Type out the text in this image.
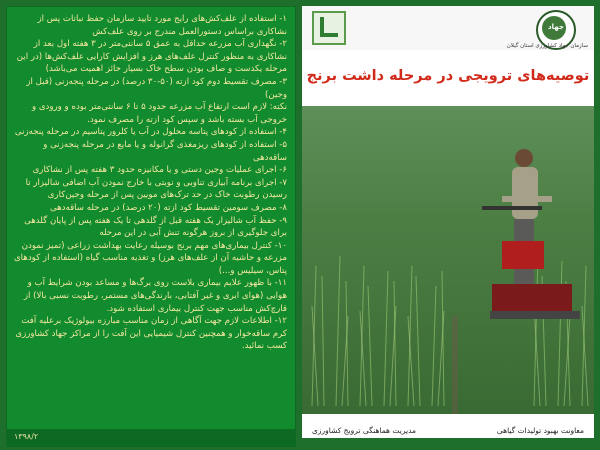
۱- استفاده از علف‌کش‌های رایج مورد تایید سازمان حفظ نباتات پس از نشاکاری براساس دستورالعمل مندرج بر روی علف‌کش

۲- نگهداری آب مزرعه حداقل به عمق ۵ سانتی‌متر در ۳ هفته اول بعد از نشاکاری به منظور کنترل علف‌های هرز و افزایش کارایی علف‌کش‌ها (در این مرحله یکدست و صاف بودن سطح خاک بسیار حائز اهمیت می‌باشد)

۳- مصرف تقسیط دوم کود ازته (۵۰-۳۰ درصد) در مرحله پنجه‌زنی (قبل از وجین)

نکته: لازم است ارتفاع آب مزرعه حدود ۵ تا ۶ سانتی‌متر بوده و ورودی و خروجی آب بسته باشد و سپس کود ازته را مصرف نمود.

۴- استفاده از کودهای پتاسه محلول در آب یا کلرور پتاسیم در مرحله پنجه‌زنی

۵- استفاده از کودهای ریزمغذی گرانوله و یا مایع در مرحله پنجه‌زنی و ساقه‌دهی

۶- اجرای عملیات وجین دستی و یا مکانیزه حدود ۳ هفته پس از نشاکاری

۷- اجرای برنامه آبیاری تناوبی و نوبتی با خارج نمودن آب اضافی شالیزار تا رسیدن رطوبت خاک در حد ترک‌های مویین پس از مرحله وجین‌کاری

۸- مصرف سومین تقسیط کود ازته (۲۰ درصد) در مرحله ساقه‌دهی

۹- حفظ آب شالیزار یک هفته قبل از گلدهی تا یک هفته پس از پایان گلدهی برای جلوگیری از بروز هرگونه تنش آبی در این مرحله

۱۰- کنترل بیماری‌های مهم برنج بوسیله رعایت بهداشت زراعی (تمیز نمودن مزرعه و حاشیه آن از علف‌های هرز) و تغذیه مناسب گیاه (استفاده از کودهای پتاس، سیلیس و...)

۱۱- با ظهور علایم بیماری بلاست روی برگ‌ها و مساعد بودن شرایط آب و هوایی (هوای ابری و غیر آفتابی، بارندگی‌های مستمر، رطوبت نسبی بالا) از قارچ‌کش مناسب جهت کنترل بیماری استفاده شود.

۱۲- اطلاعات لازم جهت آگاهی از زمان مناسب مبارزه بیولوژیک برعلیه آفت کرم ساقه‌خوار و همچنین کنترل شیمیایی این آفت را از مراکز جهاد کشاورزی کسب نمائید.

۱۳۹۸/۲
جهاد
سازمان جهاد کشاورزی استان گیلان
توصیه‌های ترویجی در مرحله داشت برنج
معاونت بهبود تولیدات گیاهی
مدیریت هماهنگی ترویج کشاورزی
